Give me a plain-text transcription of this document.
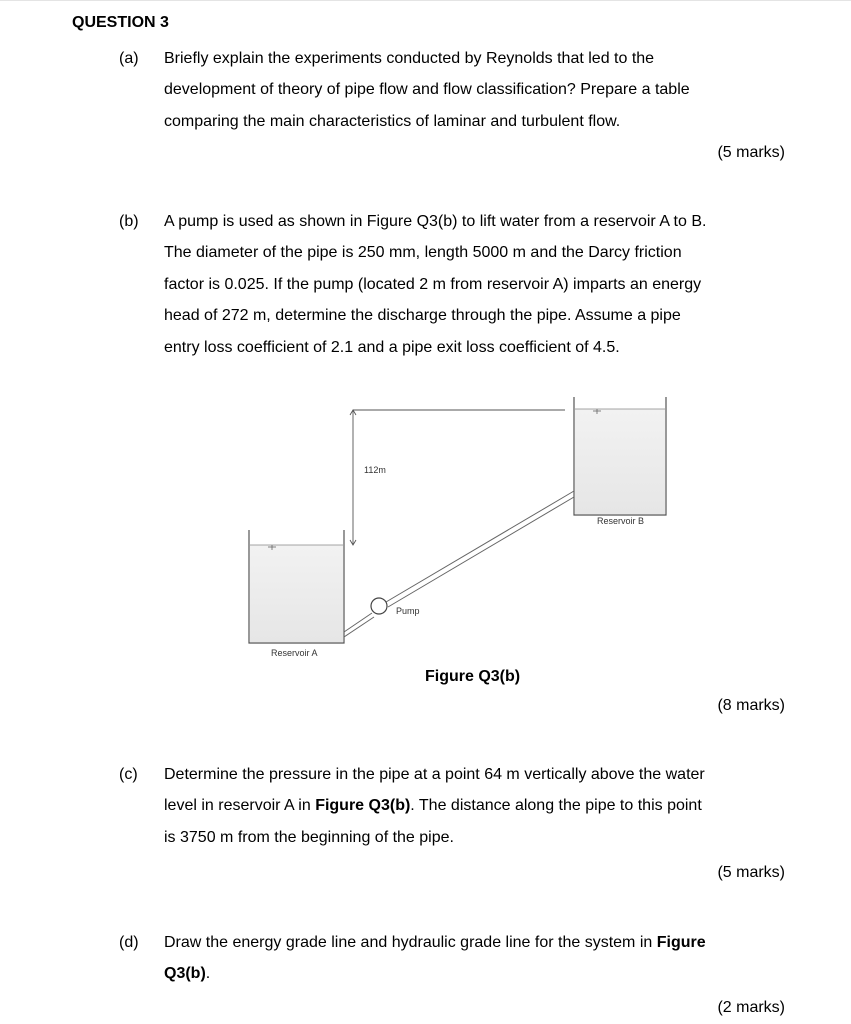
QUESTION 3
(a) Briefly explain the experiments conducted by Reynolds that led to the
development of theory of pipe flow and flow classification? Prepare a table
comparing the main characteristics of laminar and turbulent flow.
(5 marks)
(b) A pump is used as shown in Figure Q3(b) to lift water from a reservoir A to B.
The diameter of the pipe is 250 mm, length 5000 m and the Darcy friction
factor is 0.025. If the pump (located 2 m from reservoir A) imparts an energy
head of 272 m, determine the discharge through the pipe. Assume a pipe
entry loss coefficient of 2.1 and a pipe exit loss coefficient of 4.5.
112m
Pump
Reservoir A
Reservoir B
Figure Q3(b)
(8 marks)
(c) Determine the pressure in the pipe at a point 64 m vertically above the water
level in reservoir A in Figure Q3(b). The distance along the pipe to this point
is 3750 m from the beginning of the pipe.
(5 marks)
(d) Draw the energy grade line and hydraulic grade line for the system in Figure
Q3(b).
(2 marks)
